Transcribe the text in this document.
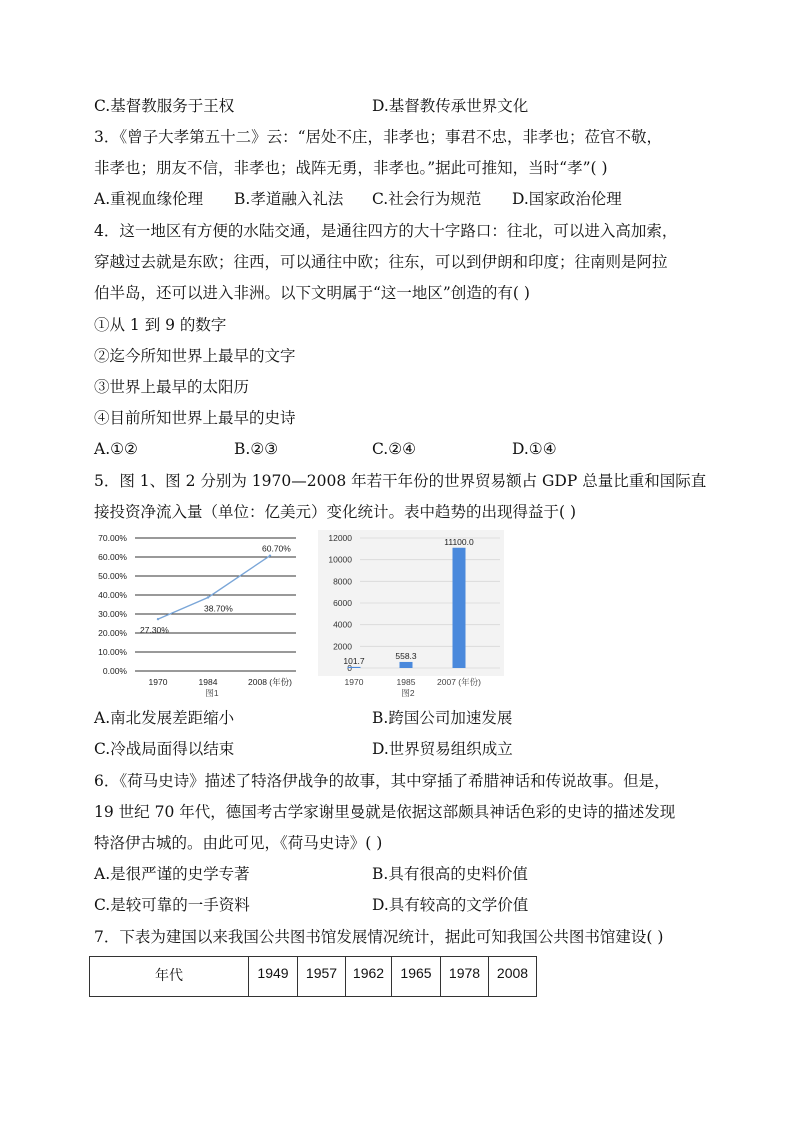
C.基督教服务于王权	D.基督教传承世界文化
3．《曾子大孝第五十二》云：“居处不庄，非孝也；事君不忠，非孝也；莅官不敬，
非孝也；朋友不信，非孝也；战阵无勇，非孝也。”据此可推知，当时“孝”( )
A.重视血缘伦理 B.孝道融入礼法 C.社会行为规范 D.国家政治伦理
4．这一地区有方便的水陆交通，是通往四方的大十字路口：往北，可以进入高加索，
穿越过去就是东欧；往西，可以通往中欧；往东，可以到伊朗和印度；往南则是阿拉
伯半岛，还可以进入非洲。以下文明属于“这一地区”创造的有( )
①从 1 到 9 的数字
②迄今所知世界上最早的文字
③世界上最早的太阳历
④目前所知世界上最早的史诗
A.①②	B.②③	C.②④	D.①④
5．图 1、图 2 分别为 1970—2008 年若干年份的世界贸易额占 GDP 总量比重和国际直
接投资净流入量（单位：亿美元）变化统计。表中趋势的出现得益于( )
70.00%
60.00%
50.00%
40.00%
30.00%
20.00%
10.00%
0.00%
27.30%
38.70%
60.70%
1970	1984	2008 (年份)
图1
12000
10000
8000
6000
4000
2000
101.7	558.3
11100.0
1970	1985	2007 (年份)
图2
A.南北发展差距缩小	B.跨国公司加速发展
C.冷战局面得以结束	D.世界贸易组织成立
6．《荷马史诗》描述了特洛伊战争的故事，其中穿插了希腊神话和传说故事。但是，
19 世纪 70 年代，德国考古学家谢里曼就是依据这部颇具神话色彩的史诗的描述发现
特洛伊古城的。由此可见，《荷马史诗》( )
A.是很严谨的史学专著	B.具有很高的史料价值
C.是较可靠的一手资料	D.具有较高的文学价值
7．下表为建国以来我国公共图书馆发展情况统计，据此可知我国公共图书馆建设( )
年代	1949	1957	1962	1965	1978	2008
